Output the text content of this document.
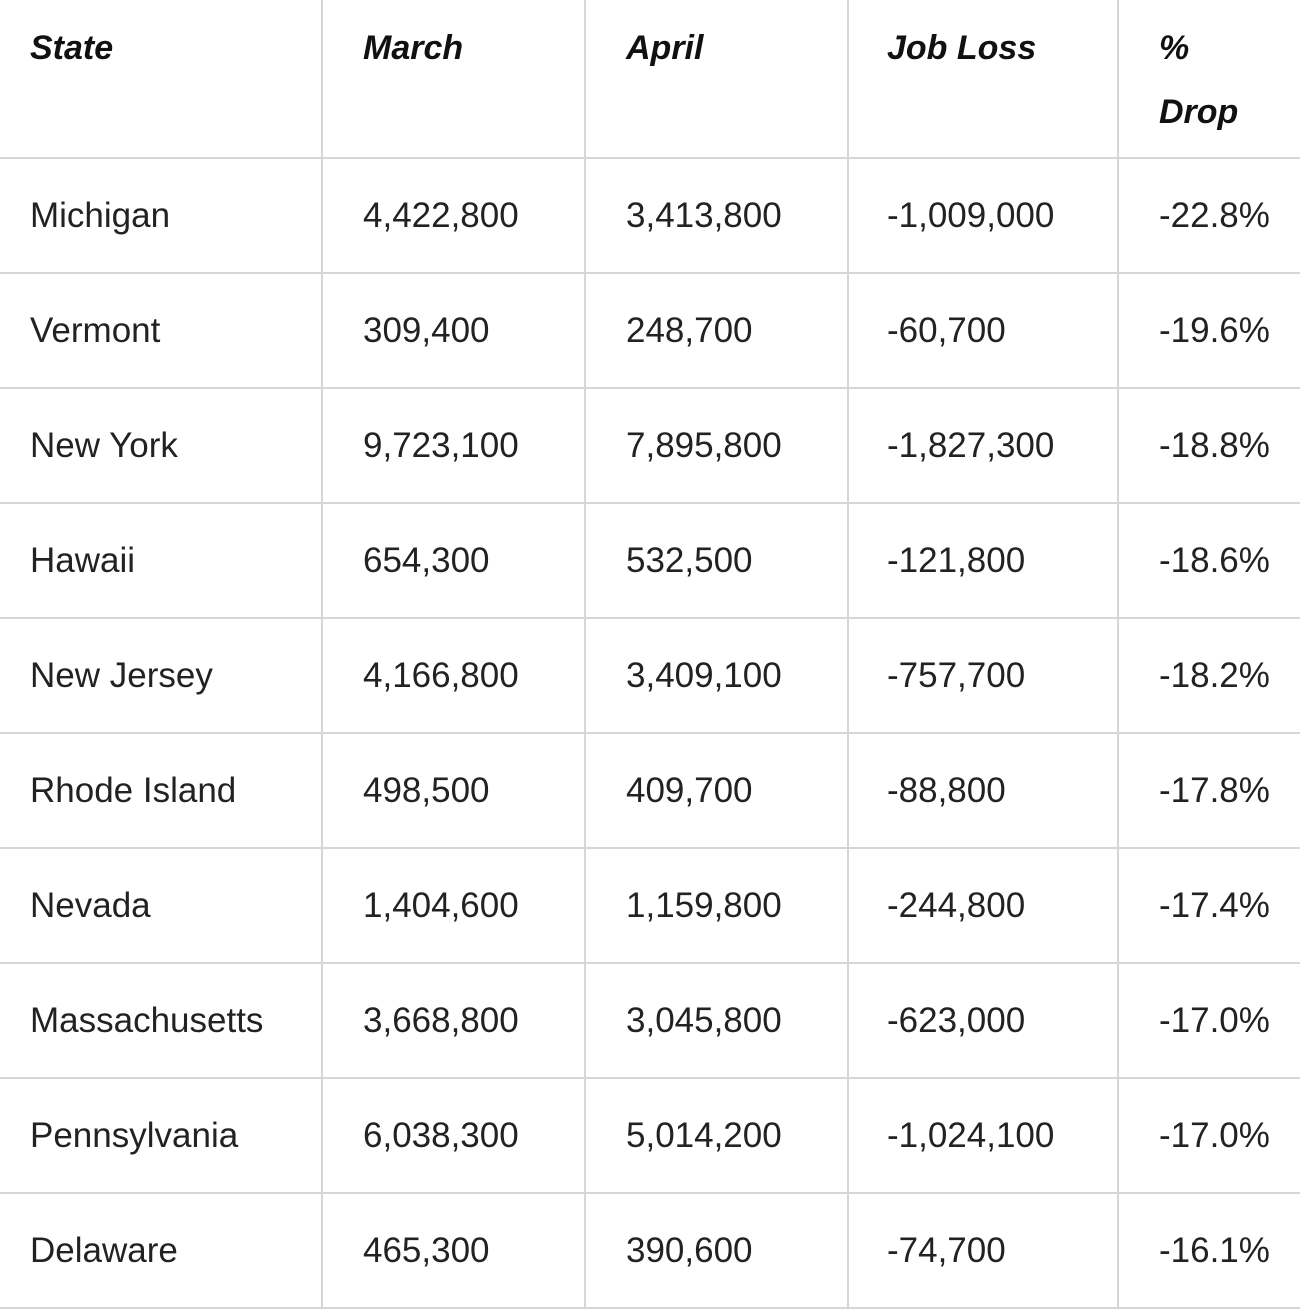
State	March	April	Job Loss	%
Drop

Michigan	4,422,800	3,413,800	-1,009,000	-22.8%
Vermont	309,400	248,700	-60,700	-19.6%
New York	9,723,100	7,895,800	-1,827,300	-18.8%
Hawaii	654,300	532,500	-121,800	-18.6%
New Jersey	4,166,800	3,409,100	-757,700	-18.2%
Rhode Island	498,500	409,700	-88,800	-17.8%
Nevada	1,404,600	1,159,800	-244,800	-17.4%
Massachusetts	3,668,800	3,045,800	-623,000	-17.0%
Pennsylvania	6,038,300	5,014,200	-1,024,100	-17.0%
Delaware	465,300	390,600	-74,700	-16.1%
